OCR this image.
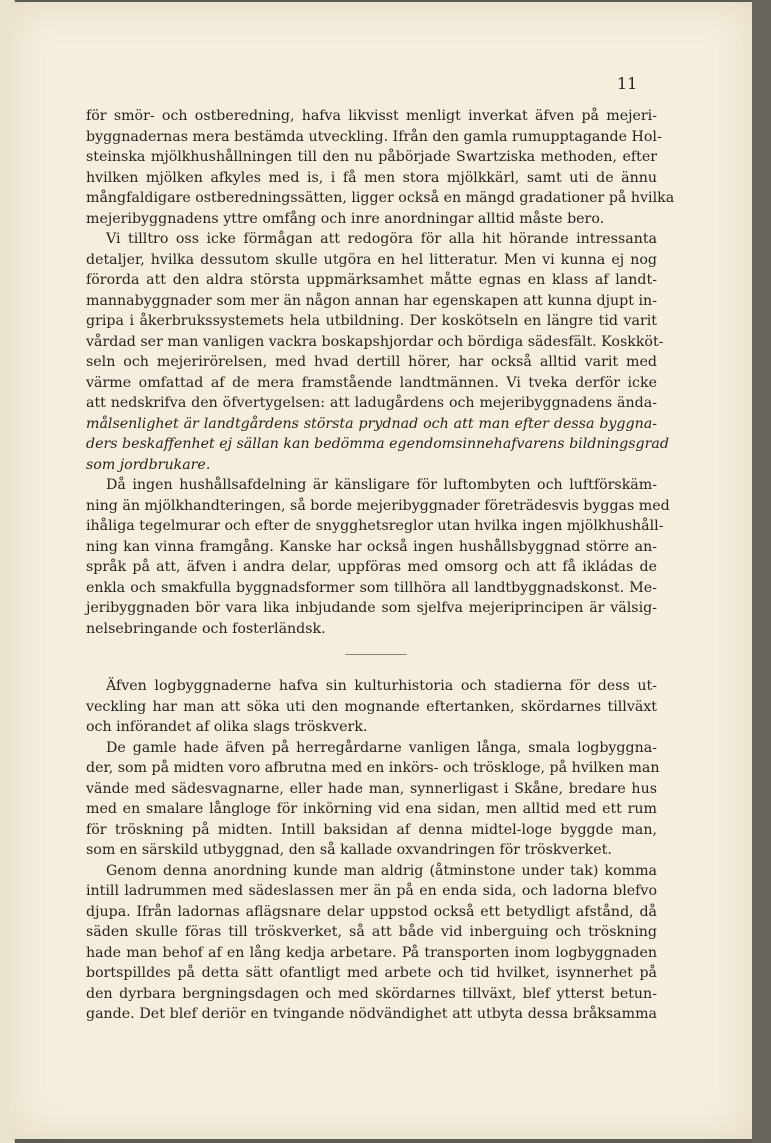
11
för smör- och ostberedning, hafva likvisst menligt inverkat äfven på mejeri-
byggnadernas mera bestämda utveckling. Ifrån den gamla rumupptagande Hol-
steinska mjölkhushållningen till den nu påbörjade Swartziska methoden, efter
hvilken mjölken afkyles med is, i få men stora mjölkkärl, samt uti de ännu
mångfaldigare ostberedningssätten, ligger också en mängd gradationer på hvilka
mejeribyggnadens yttre omfång och inre anordningar alltid måste bero.
Vi tilltro oss icke förmågan att redogöra för alla hit hörande intressanta
detaljer, hvilka dessutom skulle utgöra en hel litteratur. Men vi kunna ej nog
förorda att den aldra största uppmärksamhet måtte egnas en klass af landt-
mannabyggnader som mer än någon annan har egenskapen att kunna djupt in-
gripa i åkerbrukssystemets hela utbildning. Der koskötseln en längre tid varit
vårdad ser man vanligen vackra boskapshjordar och bördiga sädesfält. Koskköt-
seln och mejerirörelsen, med hvad dertill hörer, har också alltid varit med
värme omfattad af de mera framstående landtmännen. Vi tveka derför icke
att nedskrifva den öfvertygelsen: att ladugårdens och mejeribyggnadens ända-
målsenlighet är landtgårdens största prydnad och att man efter dessa byggna-
ders beskaffenhet ej sällan kan bedömma egendomsinnehafvarens bildningsgrad
som jordbrukare.
Då ingen hushållsafdelning är känsligare för luftombyten och luftförskäm-
ning än mjölkhandteringen, så borde mejeribyggnader företrädesvis byggas med
ihåliga tegelmurar och efter de snygghetsreglor utan hvilka ingen mjölkhushåll-
ning kan vinna framgång. Kanske har också ingen hushållsbyggnad större an-
språk på att, äfven i andra delar, uppföras med omsorg och att få ikládas de
enkla och smakfulla byggnadsformer som tillhöra all landtbyggnadskonst. Me-
jeribyggnaden bör vara lika inbjudande som sjelfva mejeriprincipen är välsig-
nelsebringande och fosterländsk.
Äfven logbyggnaderne hafva sin kulturhistoria och stadierna för dess ut-
veckling har man att söka uti den mognande eftertanken, skördarnes tillväxt
och införandet af olika slags tröskverk.
De gamle hade äfven på herregårdarne vanligen långa, smala logbyggna-
der, som på midten voro afbrutna med en inkörs- och tröskloge, på hvilken man
vände med sädesvagnarne, eller hade man, synnerligast i Skåne, bredare hus
med en smalare långloge för inkörning vid ena sidan, men alltid med ett rum
för tröskning på midten. Intill baksidan af denna midtel-loge byggde man,
som en särskild utbyggnad, den så kallade oxvandringen för tröskverket.
Genom denna anordning kunde man aldrig (åtminstone under tak) komma
intill ladrummen med sädeslassen mer än på en enda sida, och ladorna blefvo
djupa. Ifrån ladornas aflägsnare delar uppstod också ett betydligt afstånd, då
säden skulle föras till tröskverket, så att både vid inberguing och tröskning
hade man behof af en lång kedja arbetare. På transporten inom logbyggnaden
bortspilldes på detta sätt ofantligt med arbete och tid hvilket, isynnerhet på
den dyrbara bergningsdagen och med skördarnes tillväxt, blef ytterst betun-
gande. Det blef deriör en tvingande nödvändighet att utbyta dessa bråksamma
